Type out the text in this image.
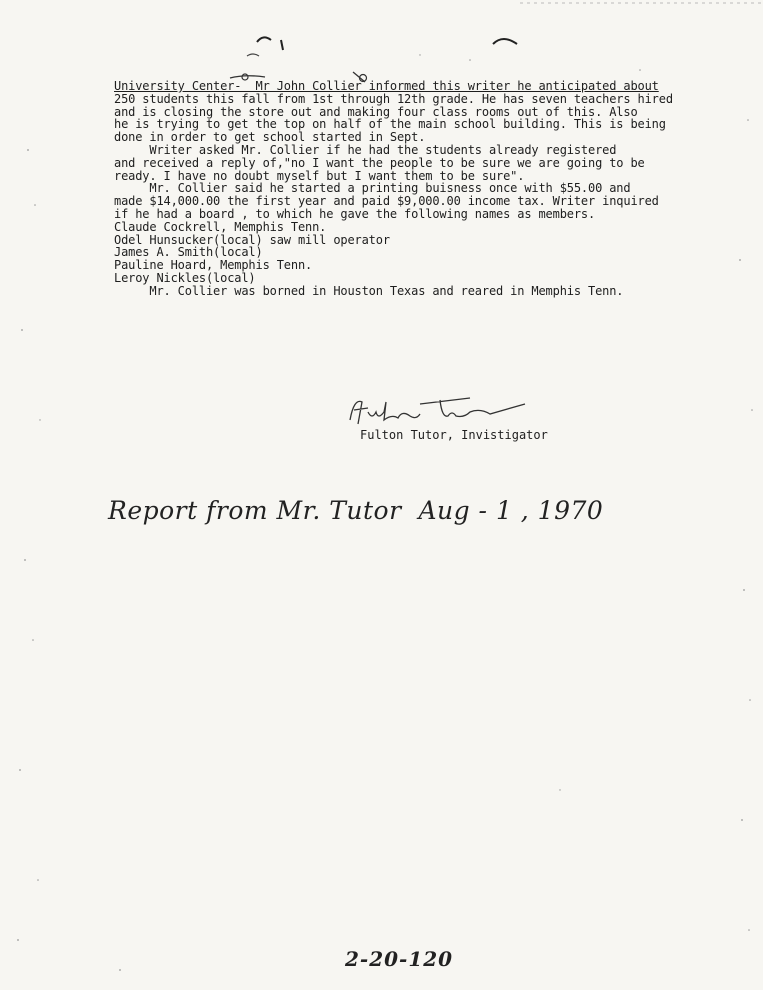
University Center-  Mr John Collier informed this writer he anticipated about
250 students this fall from 1st through 12th grade. He has seven teachers hired
and is closing the store out and making four class rooms out of this. Also
he is trying to get the top on half of the main school building. This is being
done in order to get school started in Sept.
Writer asked Mr. Collier if he had the students already registered
and received a reply of,"no I want the people to be sure we are going to be
ready. I have no doubt myself but I want them to be sure".
Mr. Collier said he started a printing buisness once with $55.00 and
made $14,000.00 the first year and paid $9,000.00 income tax. Writer inquired
if he had a board , to which he gave the following names as members.
Claude Cockrell, Memphis Tenn.
Odel Hunsucker(local) saw mill operator
James A. Smith(local)
Pauline Hoard, Memphis Tenn.
Leroy Nickles(local)
Mr. Collier was borned in Houston Texas and reared in Memphis Tenn.
Fulton Tutor, Invistigator
Report from Mr. Tutor  Aug - 1 , 1970
2-20-120
